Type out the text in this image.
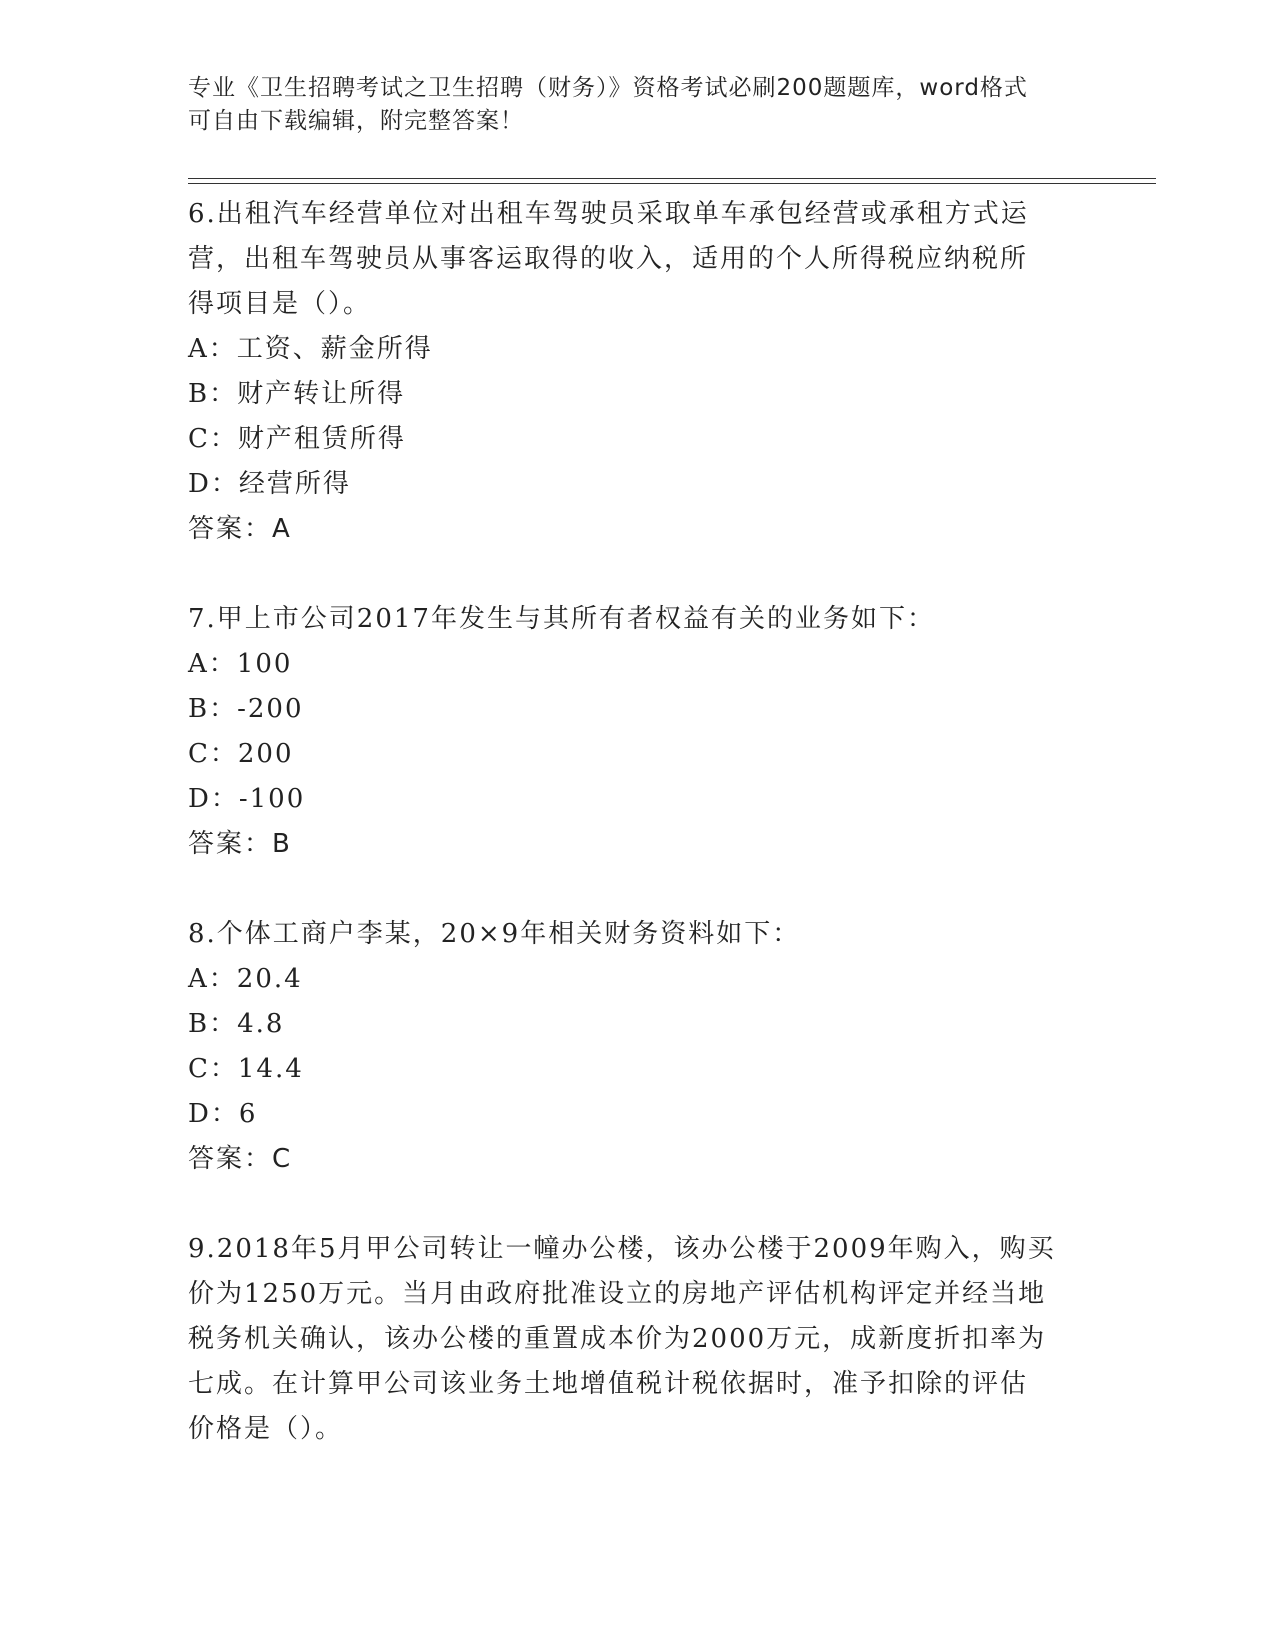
专业《卫生招聘考试之卫生招聘（财务）》资格考试必刷200题题库，word格式
可自由下载编辑，附完整答案！
6.出租汽车经营单位对出租车驾驶员采取单车承包经营或承租方式运
营，出租车驾驶员从事客运取得的收入，适用的个人所得税应纳税所
得项目是（）。
A：工资、薪金所得
B：财产转让所得
C：财产租赁所得
D：经营所得
答案：A
7.甲上市公司2017年发生与其所有者权益有关的业务如下：
A：100
B：-200
C：200
D：-100
答案：B
8.个体工商户李某，20×9年相关财务资料如下：
A：20.4
B：4.8
C：14.4
D：6
答案：C
9.2018年5月甲公司转让一幢办公楼，该办公楼于2009年购入，购买
价为1250万元。当月由政府批准设立的房地产评估机构评定并经当地
税务机关确认，该办公楼的重置成本价为2000万元，成新度折扣率为
七成。在计算甲公司该业务土地增值税计税依据时，准予扣除的评估
价格是（）。
